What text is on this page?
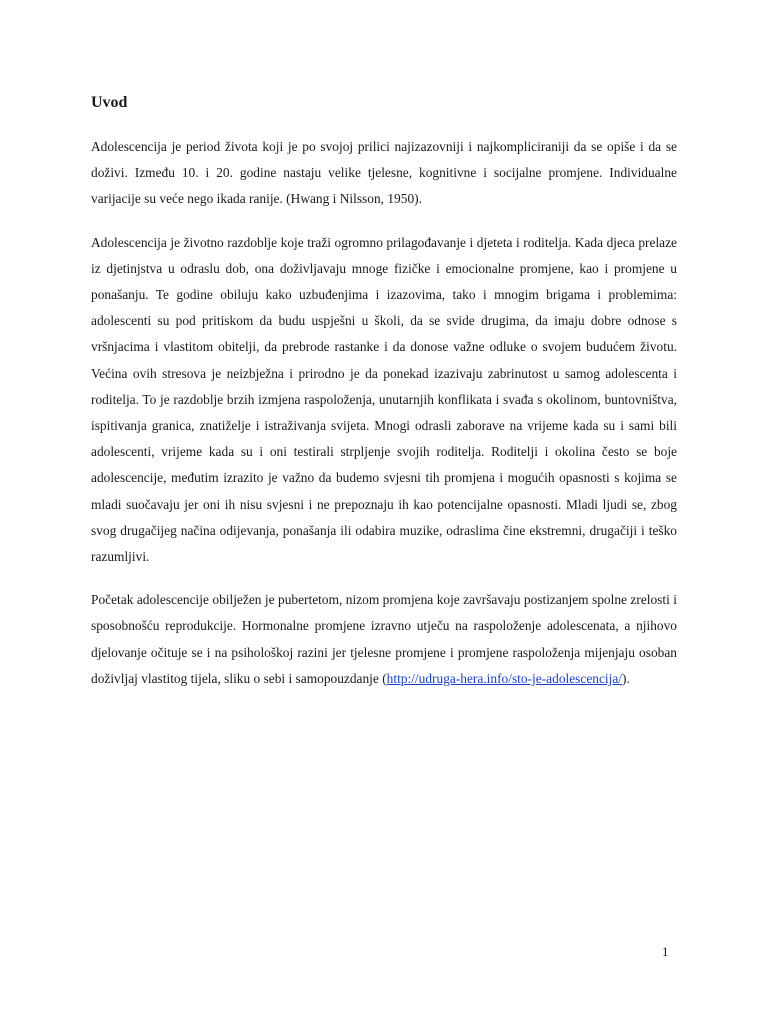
Uvod

Adolescencija je period života koji je po svojoj prilici najizazovniji i najkompliciraniji da se opiše i da se doživi. Između 10. i 20. godine nastaju velike tjelesne, kognitivne i socijalne promjene. Individualne varijacije su veće nego ikada ranije. (Hwang i Nilsson, 1950).

Adolescencija je životno razdoblje koje traži ogromno prilagođavanje i djeteta i roditelja. Kada djeca prelaze iz djetinjstva u odraslu dob, ona doživljavaju mnoge fizičke i emocionalne promjene, kao i promjene u ponašanju. Te godine obiluju kako uzbuđenjima i izazovima, tako i mnogim brigama i problemima: adolescenti su pod pritiskom da budu uspješni u školi, da se svide drugima, da imaju dobre odnose s vršnjacima i vlastitom obitelji, da prebrode rastanke i da donose važne odluke o svojem budućem životu. Većina ovih stresova je neizbježna i prirodno je da ponekad izazivaju zabrinutost u samog adolescenta i roditelja. To je razdoblje brzih izmjena raspoloženja, unutarnjih konflikata i svađa s okolinom, buntovništva, ispitivanja granica, znatiželje i istraživanja svijeta. Mnogi odrasli zaborave na vrijeme kada su i sami bili adolescenti, vrijeme kada su i oni testirali strpljenje svojih roditelja. Roditelji i okolina često se boje adolescencije, međutim izrazito je važno da budemo svjesni tih promjena i mogućih opasnosti s kojima se mladi suočavaju jer oni ih nisu svjesni i ne prepoznaju ih kao potencijalne opasnosti. Mladi ljudi se, zbog svog drugačijeg načina odijevanja, ponašanja ili odabira muzike, odraslima čine ekstremni, drugačiji i teško razumljivi.

Početak adolescencije obilježen je pubertetom, nizom promjena koje završavaju postizanjem spolne zrelosti i sposobnošću reprodukcije. Hormonalne promjene izravno utječu na raspoloženje adolescenata, a njihovo djelovanje očituje se i na psihološkoj razini jer tjelesne promjene i promjene raspoloženja mijenjaju osoban doživljaj vlastitog tijela, sliku o sebi i samopouzdanje (http://udruga-hera.info/sto-je-adolescencija/).

1
